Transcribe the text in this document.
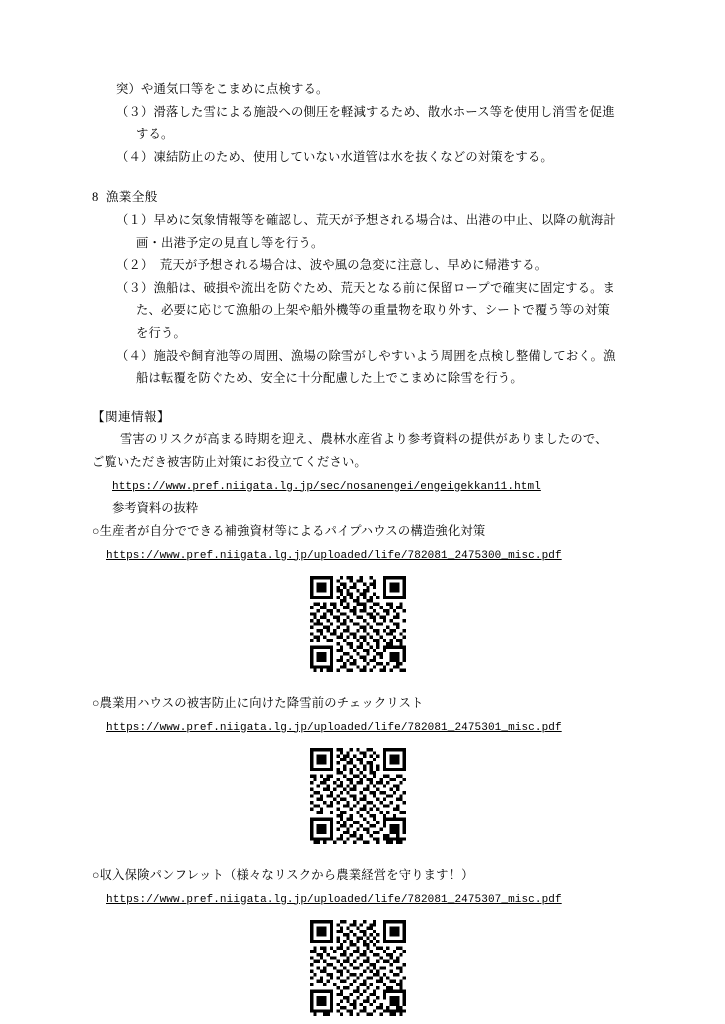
突）や通気口等をこまめに点検する。
（３）滑落した雪による施設への側圧を軽減するため、散水ホース等を使用し消雪を促進
する。
（４）凍結防止のため、使用していない水道管は水を抜くなどの対策をする。
8 漁業全般
（１）早めに気象情報等を確認し、荒天が予想される場合は、出港の中止、以降の航海計
画・出港予定の見直し等を行う。
（２）　荒天が予想される場合は、波や風の急変に注意し、早めに帰港する。
（３）漁船は、破損や流出を防ぐため、荒天となる前に保留ロープで確実に固定する。ま
た、必要に応じて漁船の上架や船外機等の重量物を取り外す、シートで覆う等の対策
を行う。
（４）施設や飼育池等の周囲、漁場の除雪がしやすいよう周囲を点検し整備しておく。漁
船は転覆を防ぐため、安全に十分配慮した上でこまめに除雪を行う。
【関連情報】
雪害のリスクが高まる時期を迎え、農林水産省より参考資料の提供がありましたので、
ご覧いただき被害防止対策にお役立てください。
https://www.pref.niigata.lg.jp/sec/nosanengei/engeigekkan11.html
参考資料の抜粋
○生産者が自分でできる補強資材等によるパイプハウスの構造強化対策
https://www.pref.niigata.lg.jp/uploaded/life/782081_2475300_misc.pdf
○農業用ハウスの被害防止に向けた降雪前のチェックリスト
https://www.pref.niigata.lg.jp/uploaded/life/782081_2475301_misc.pdf
○収入保険パンフレット（様々なリスクから農業経営を守ります！）
https://www.pref.niigata.lg.jp/uploaded/life/782081_2475307_misc.pdf
